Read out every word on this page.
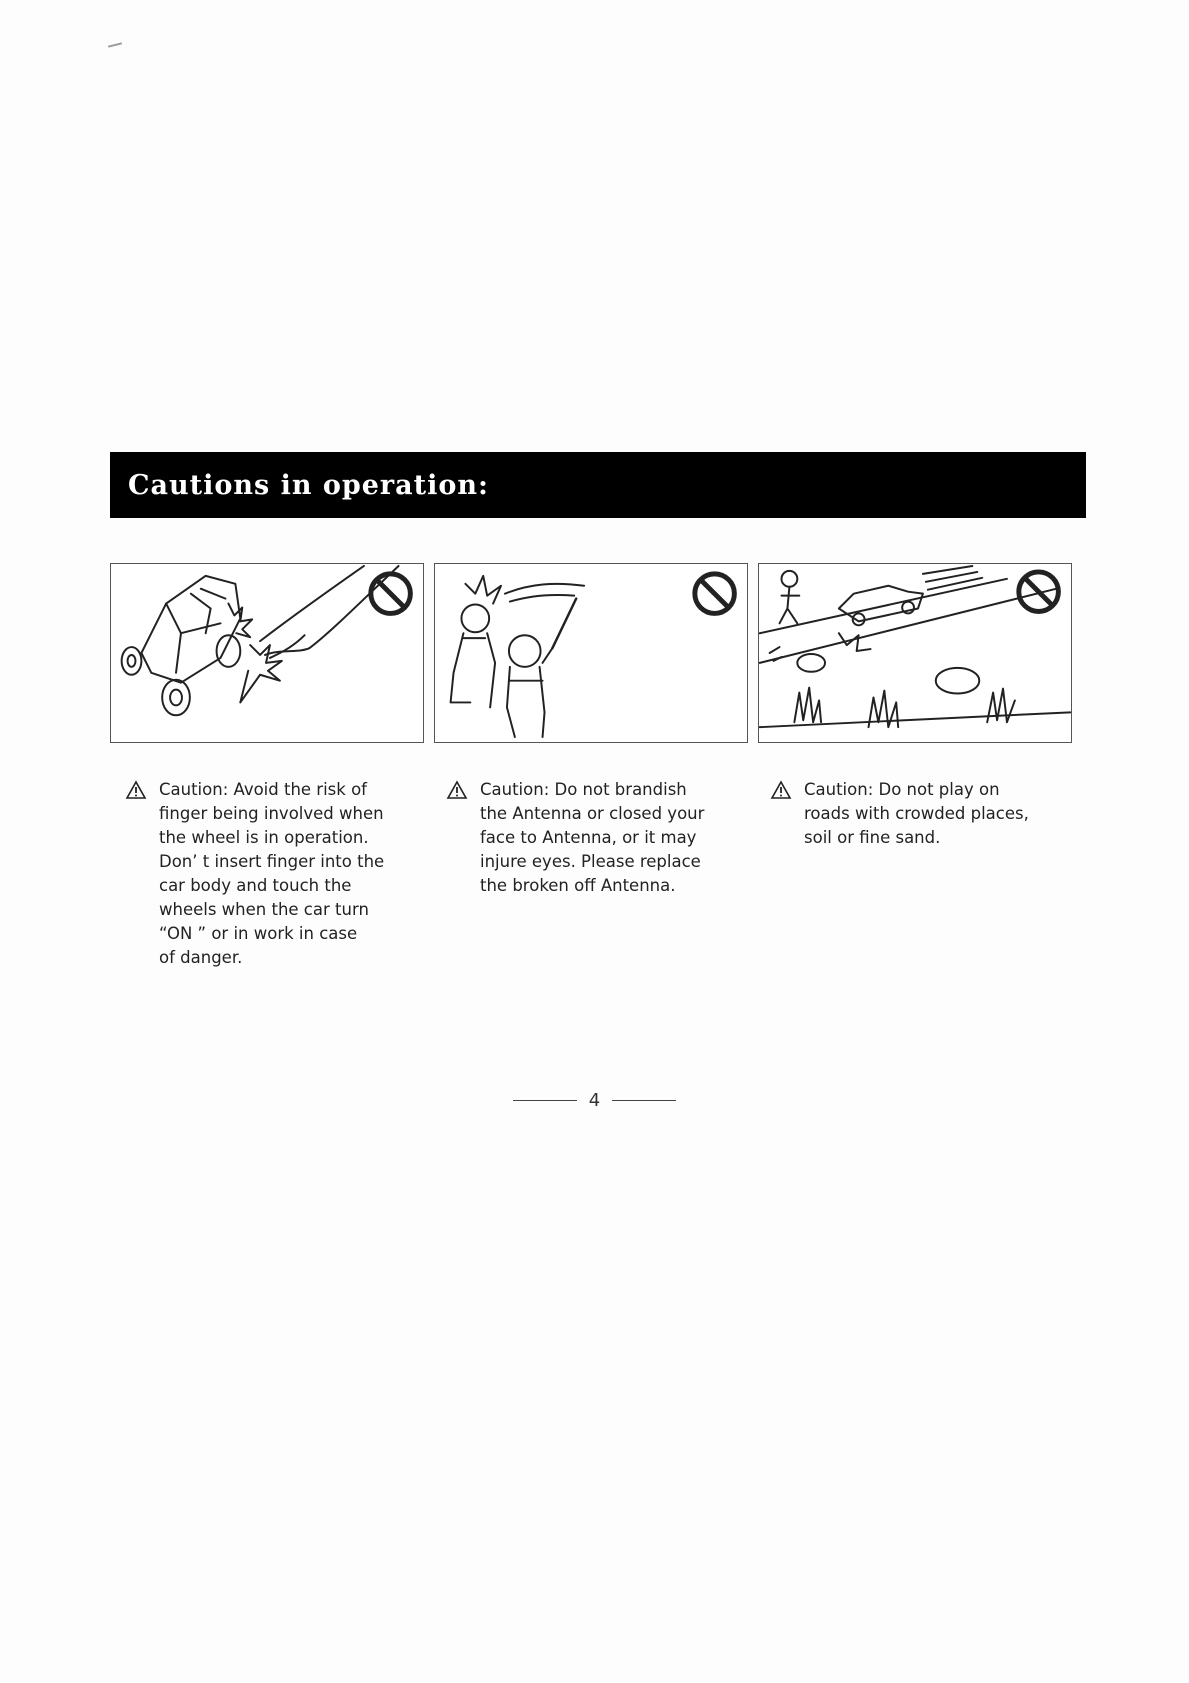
Cautions in operation:

Caution: Avoid the risk of
finger being involved when
the wheel is in operation.
Don’ t insert finger into the
car body and touch the
wheels when the car turn
“ON ” or in work in case
of danger.

Caution: Do not brandish
the Antenna or closed your
face to Antenna, or it may
injure eyes. Please replace
the broken off Antenna.

Caution: Do not play on
roads with crowded places,
soil or fine sand.

4
